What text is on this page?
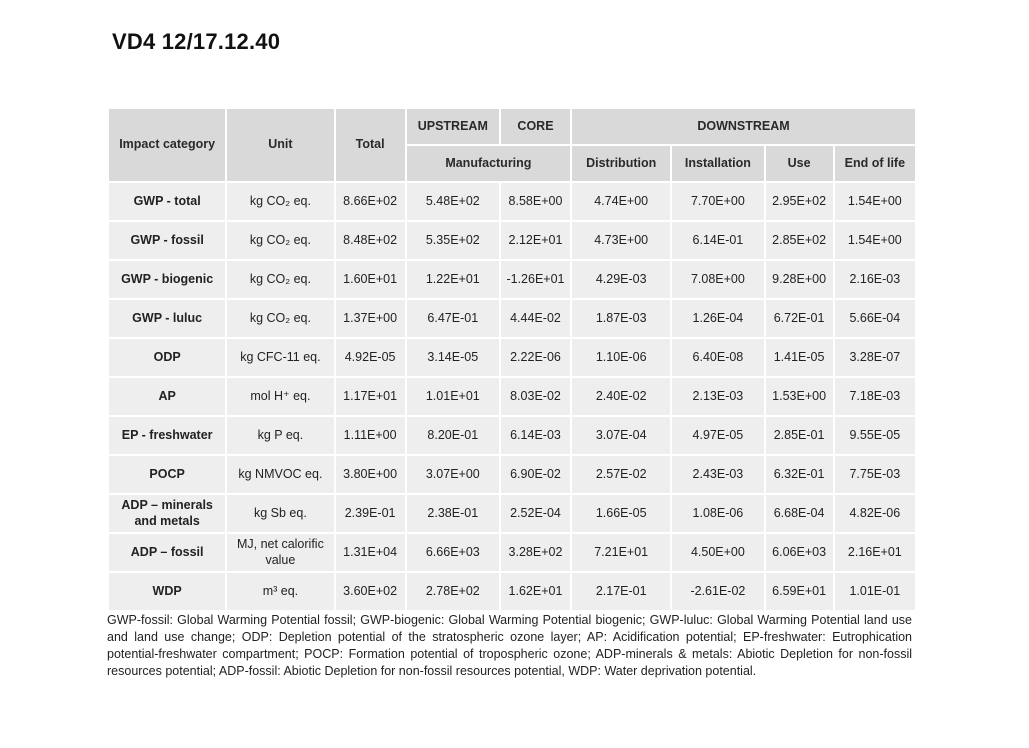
VD4 12/17.12.40
Impact category	Unit	Total	UPSTREAM	CORE	DOWNSTREAM			
			Manufacturing		Distribution	Installation	Use	End of life
GWP - total	kg CO₂ eq.	8.66E+02	5.48E+02	8.58E+00	4.74E+00	7.70E+00	2.95E+02	1.54E+00
GWP - fossil	kg CO₂ eq.	8.48E+02	5.35E+02	2.12E+01	4.73E+00	6.14E-01	2.85E+02	1.54E+00
GWP - biogenic	kg CO₂ eq.	1.60E+01	1.22E+01	-1.26E+01	4.29E-03	7.08E+00	9.28E+00	2.16E-03
GWP - luluc	kg CO₂ eq.	1.37E+00	6.47E-01	4.44E-02	1.87E-03	1.26E-04	6.72E-01	5.66E-04
ODP	kg CFC-11 eq.	4.92E-05	3.14E-05	2.22E-06	1.10E-06	6.40E-08	1.41E-05	3.28E-07
AP	mol H⁺ eq.	1.17E+01	1.01E+01	8.03E-02	2.40E-02	2.13E-03	1.53E+00	7.18E-03
EP - freshwater	kg P eq.	1.11E+00	8.20E-01	6.14E-03	3.07E-04	4.97E-05	2.85E-01	9.55E-05
POCP	kg NMVOC eq.	3.80E+00	3.07E+00	6.90E-02	2.57E-02	2.43E-03	6.32E-01	7.75E-03
ADP – minerals and metals	kg Sb eq.	2.39E-01	2.38E-01	2.52E-04	1.66E-05	1.08E-06	6.68E-04	4.82E-06
ADP – fossil	MJ, net calorific value	1.31E+04	6.66E+03	3.28E+02	7.21E+01	4.50E+00	6.06E+03	2.16E+01
WDP	m³ eq.	3.60E+02	2.78E+02	1.62E+01	2.17E-01	-2.61E-02	6.59E+01	1.01E-01

GWP-fossil: Global Warming Potential fossil; GWP-biogenic: Global Warming Potential biogenic; GWP-luluc: Global Warming Potential land use and land use change; ODP: Depletion potential of the stratospheric ozone layer; AP: Acidification potential; EP-freshwater: Eutrophication potential-freshwater compartment; POCP: Formation potential of tropospheric ozone; ADP-minerals & metals: Abiotic Depletion for non-fossil resources potential; ADP-fossil: Abiotic Depletion for non-fossil resources potential, WDP: Water deprivation potential.
